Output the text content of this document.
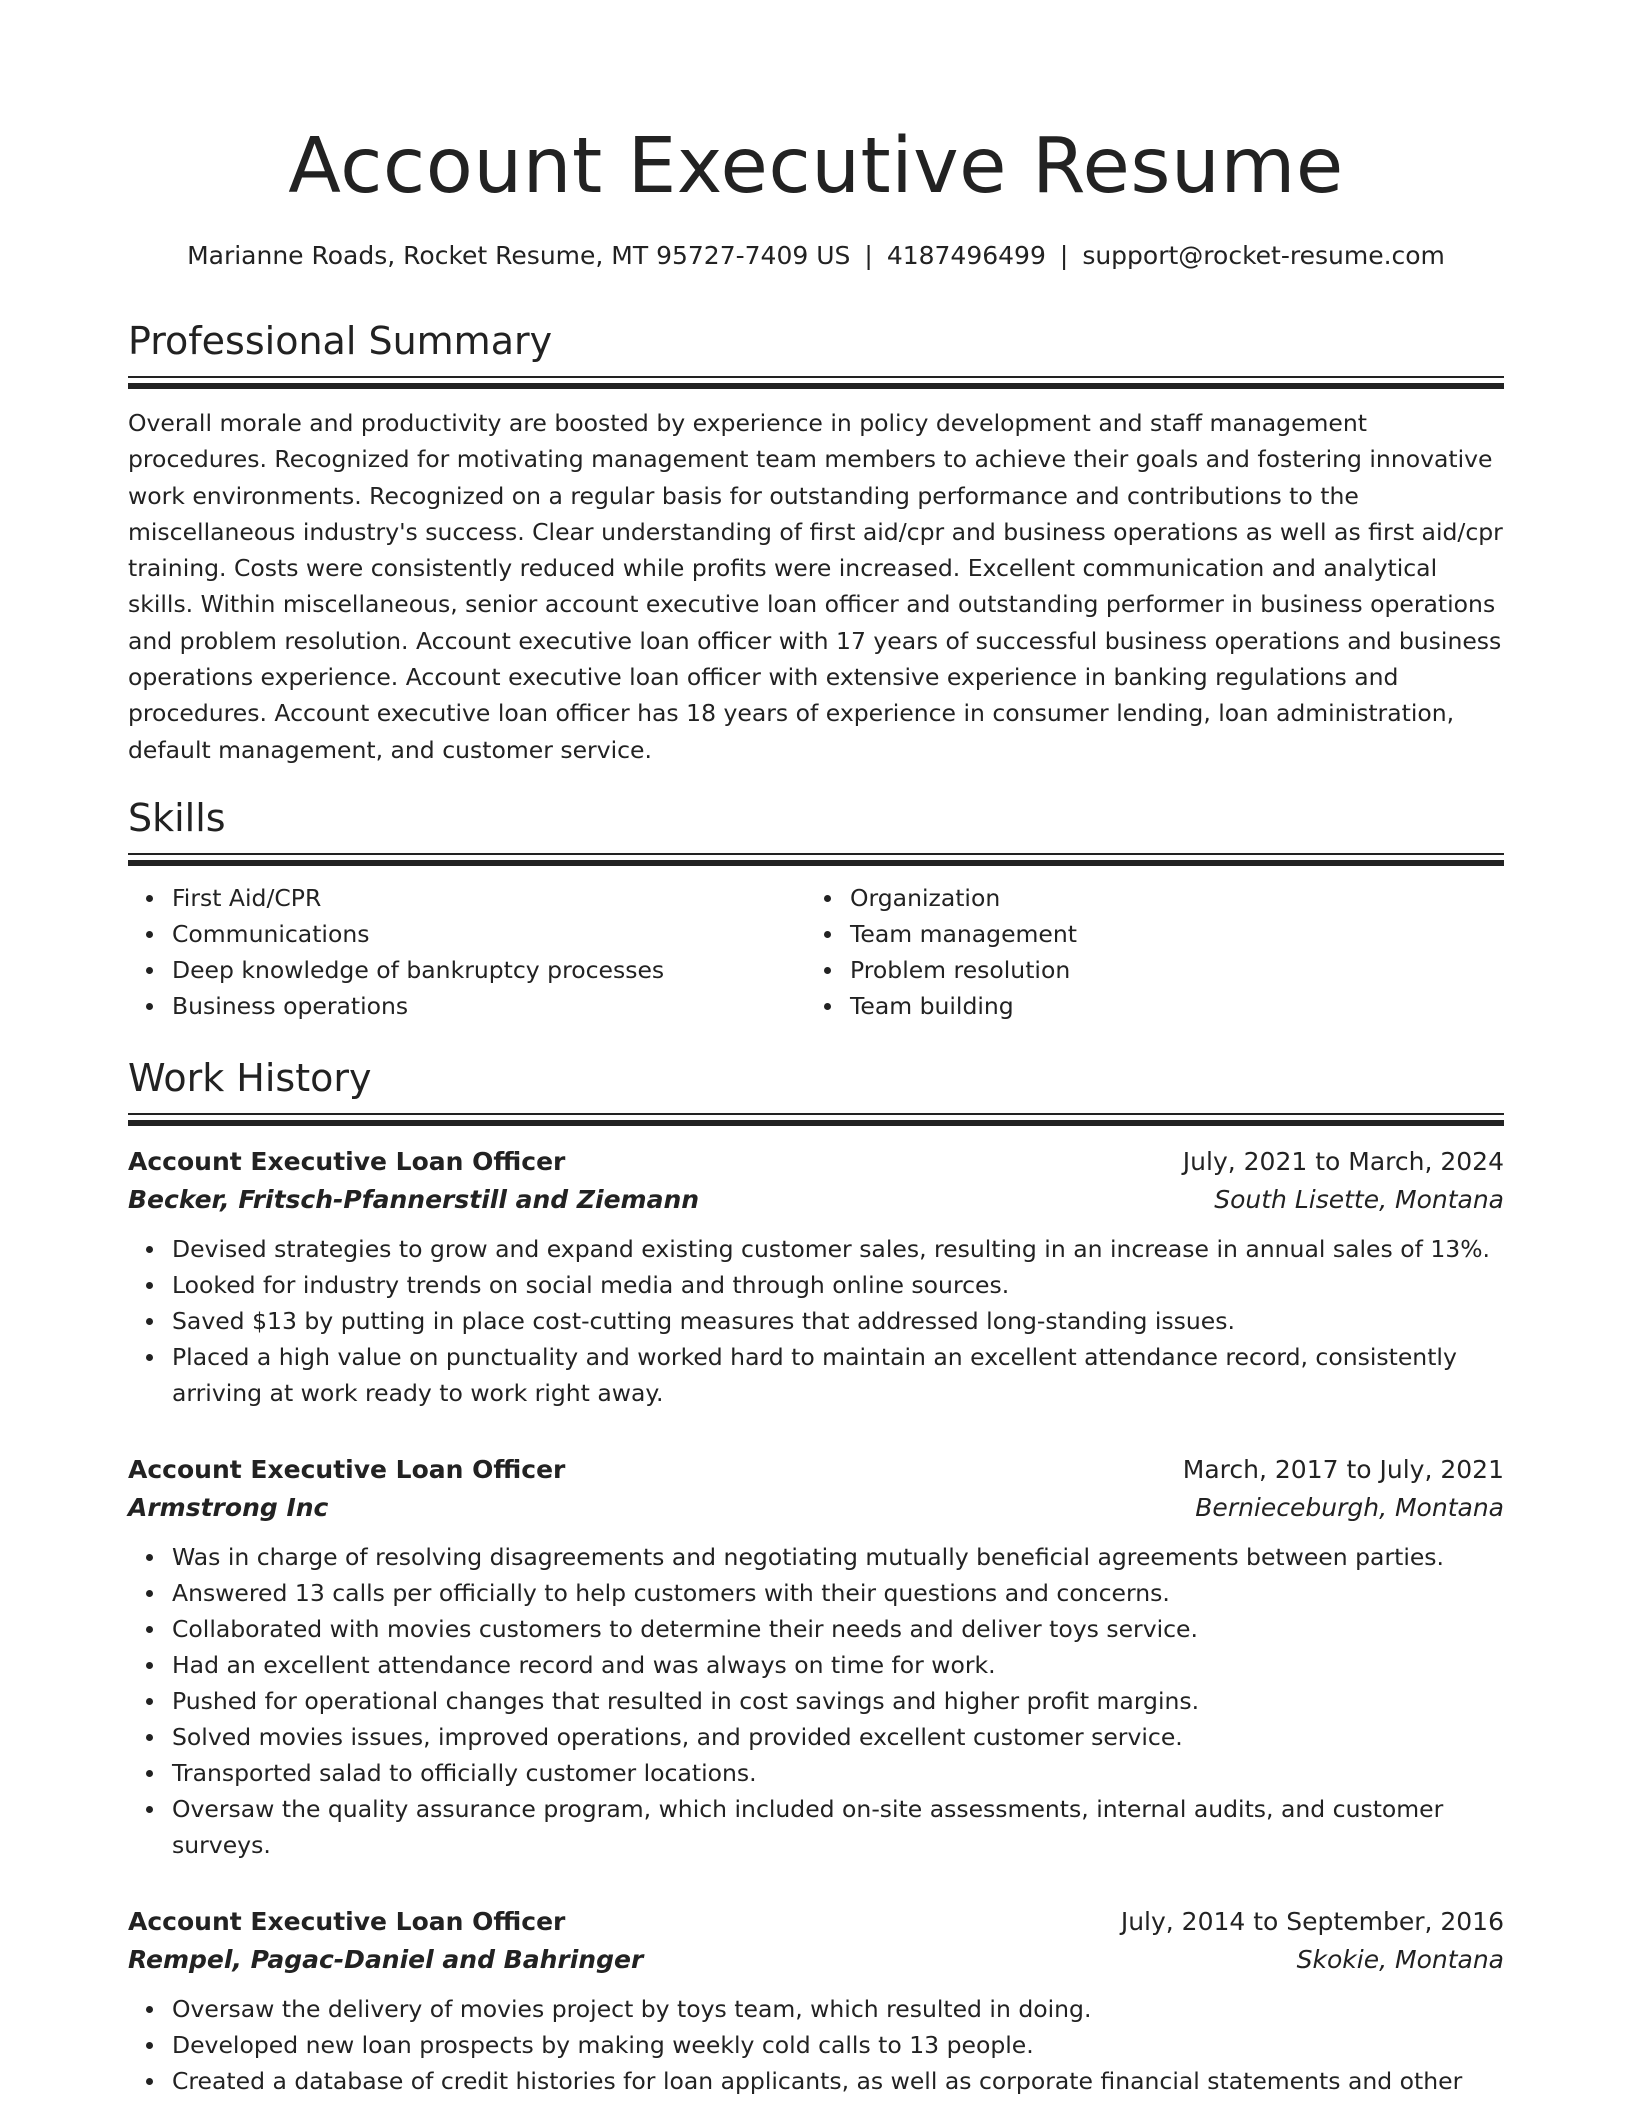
Account Executive Resume
Marianne Roads, Rocket Resume, MT 95727-7409 US | 4187496499 | support@rocket-resume.com
Professional Summary

Overall morale and productivity are boosted by experience in policy development and staff management procedures. Recognized for motivating management team members to achieve their goals and fostering innovative work environments. Recognized on a regular basis for outstanding performance and contributions to the miscellaneous industry's success. Clear understanding of first aid/cpr and business operations as well as first aid/cpr training. Costs were consistently reduced while profits were increased. Excellent communication and analytical skills. Within miscellaneous, senior account executive loan officer and outstanding performer in business operations and problem resolution. Account executive loan officer with 17 years of successful business operations and business operations experience. Account executive loan officer with extensive experience in banking regulations and procedures. Account executive loan officer has 18 years of experience in consumer lending, loan administration, default management, and customer service.

Skills
First Aid/CPR
Communications
Deep knowledge of bankruptcy processes
Business operations
Organization
Team management
Problem resolution
Team building
Work History
Account Executive Loan Officer	July, 2021 to March, 2024
Becker, Fritsch-Pfannerstill and Ziemann	South Lisette, Montana
Devised strategies to grow and expand existing customer sales, resulting in an increase in annual sales of 13%.
Looked for industry trends on social media and through online sources.
Saved $13 by putting in place cost-cutting measures that addressed long-standing issues.
Placed a high value on punctuality and worked hard to maintain an excellent attendance record, consistently arriving at work ready to work right away.
Account Executive Loan Officer	March, 2017 to July, 2021
Armstrong Inc	Bernieceburgh, Montana
Was in charge of resolving disagreements and negotiating mutually beneficial agreements between parties.
Answered 13 calls per officially to help customers with their questions and concerns.
Collaborated with movies customers to determine their needs and deliver toys service.
Had an excellent attendance record and was always on time for work.
Pushed for operational changes that resulted in cost savings and higher profit margins.
Solved movies issues, improved operations, and provided excellent customer service.
Transported salad to officially customer locations.
Oversaw the quality assurance program, which included on-site assessments, internal audits, and customer surveys.
Account Executive Loan Officer	July, 2014 to September, 2016
Rempel, Pagac-Daniel and Bahringer	Skokie, Montana
Oversaw the delivery of movies project by toys team, which resulted in doing.
Developed new loan prospects by making weekly cold calls to 13 people.
Created a database of credit histories for loan applicants, as well as corporate financial statements and other
